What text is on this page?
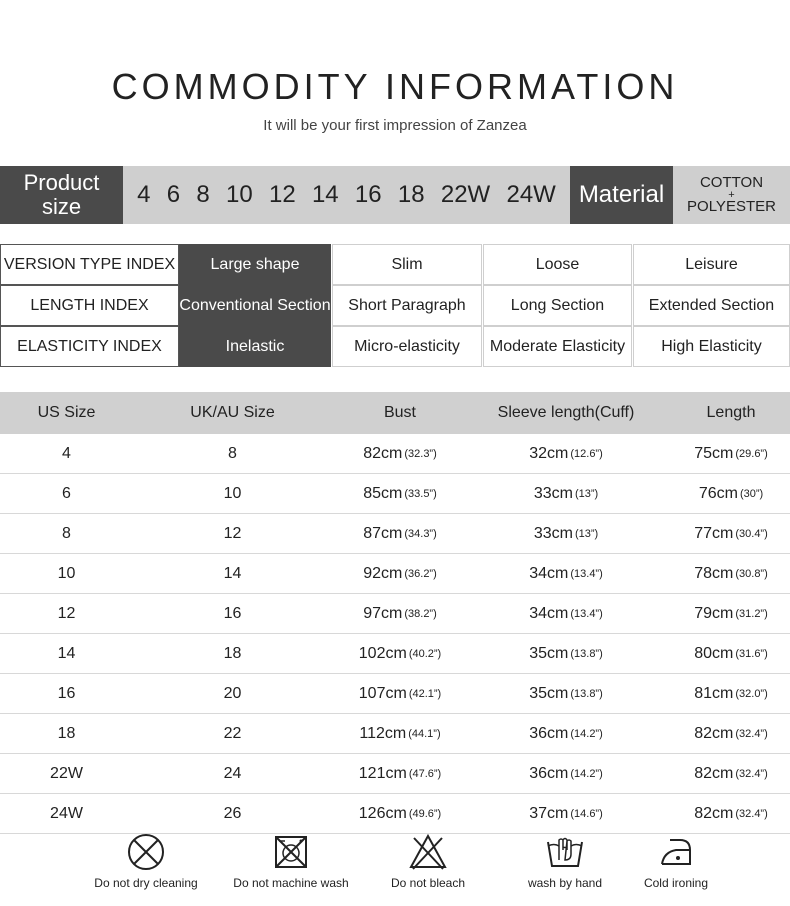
COMMODITY INFORMATION
It will be your first impression of Zanzea
Product
size	4 6 8 10 12 14 16 18 22W 24W Material	COTTON
+
POLYESTER
VERSION TYPE INDEX	Large shape	Slim	Loose	Leisure
LENGTH INDEX	Conventional Section	Short Paragraph	Long Section	Extended Section
ELASTICITY INDEX	Inelastic	Micro-elasticity	Moderate Elasticity	High Elasticity
US Size	UK/AU Size	Bust	Sleeve length(Cuff)	Length
4	8	82cm (32.3”)	32cm (12.6”)	75cm (29.6”)
6	10	85cm (33.5”)	33cm (13”)	76cm (30”)
8	12	87cm (34.3”)	33cm (13”)	77cm (30.4”)
10	14	92cm (36.2”)	34cm (13.4”)	78cm (30.8”)
12	16	97cm (38.2”)	34cm (13.4”)	79cm (31.2”)
14	18	102cm (40.2”)	35cm (13.8”)	80cm (31.6”)
16	20	107cm (42.1”)	35cm (13.8”)	81cm (32.0”)
18	22	112cm (44.1”)	36cm (14.2”)	82cm (32.4”)
22W	24	121cm (47.6”)	36cm (14.2”)	82cm (32.4”)
24W	26	126cm (49.6”)	37cm (14.6”)	82cm (32.4”)
Do not dry cleaning	Do not machine wash	Do not bleach	wash by hand	Cold ironing
